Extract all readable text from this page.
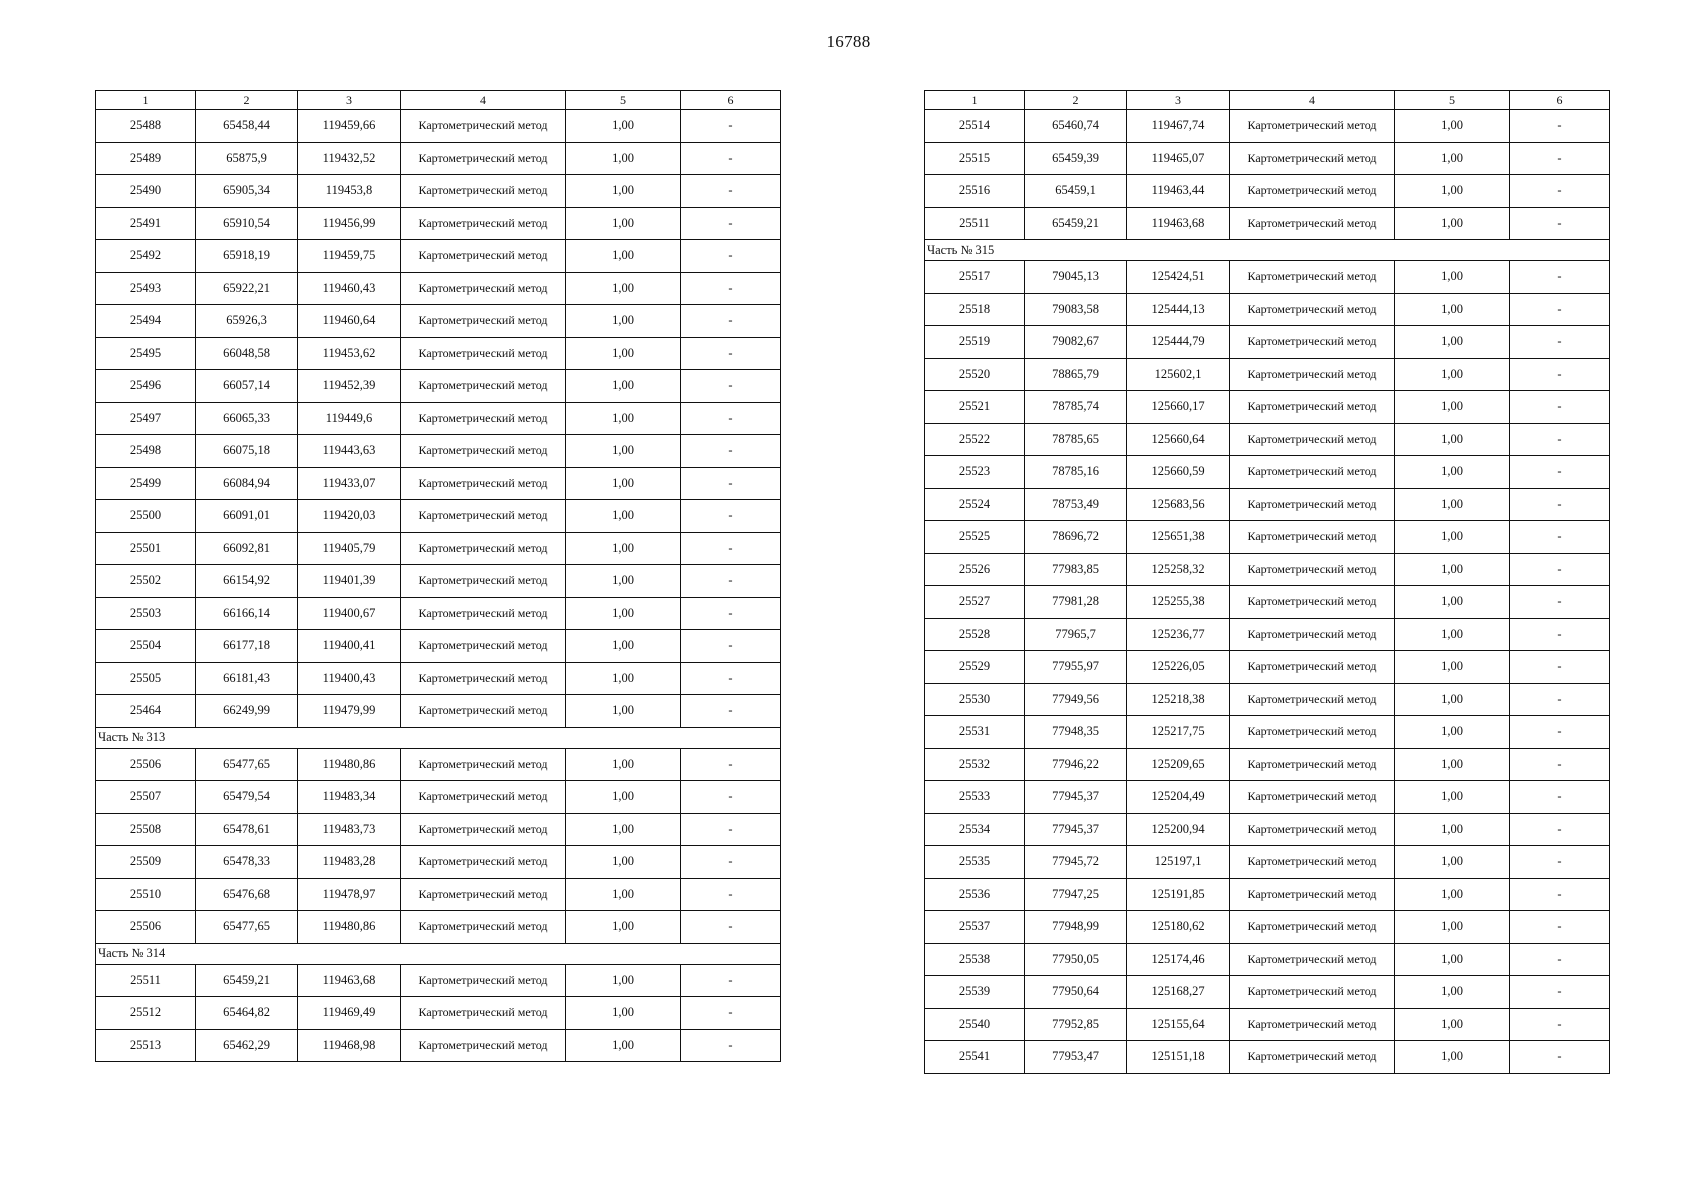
16788
1	2	3	4	5	6
25488	65458,44	119459,66	Картометрический метод	1,00	-
25489	65875,9	119432,52	Картометрический метод	1,00	-
25490	65905,34	119453,8	Картометрический метод	1,00	-
25491	65910,54	119456,99	Картометрический метод	1,00	-
25492	65918,19	119459,75	Картометрический метод	1,00	-
25493	65922,21	119460,43	Картометрический метод	1,00	-
25494	65926,3	119460,64	Картометрический метод	1,00	-
25495	66048,58	119453,62	Картометрический метод	1,00	-
25496	66057,14	119452,39	Картометрический метод	1,00	-
25497	66065,33	119449,6	Картометрический метод	1,00	-
25498	66075,18	119443,63	Картометрический метод	1,00	-
25499	66084,94	119433,07	Картометрический метод	1,00	-
25500	66091,01	119420,03	Картометрический метод	1,00	-
25501	66092,81	119405,79	Картометрический метод	1,00	-
25502	66154,92	119401,39	Картометрический метод	1,00	-
25503	66166,14	119400,67	Картометрический метод	1,00	-
25504	66177,18	119400,41	Картометрический метод	1,00	-
25505	66181,43	119400,43	Картометрический метод	1,00	-
25464	66249,99	119479,99	Картометрический метод	1,00	-
Часть № 313					
25506	65477,65	119480,86	Картометрический метод	1,00	-
25507	65479,54	119483,34	Картометрический метод	1,00	-
25508	65478,61	119483,73	Картометрический метод	1,00	-
25509	65478,33	119483,28	Картометрический метод	1,00	-
25510	65476,68	119478,97	Картометрический метод	1,00	-
25506	65477,65	119480,86	Картометрический метод	1,00	-
Часть № 314					
25511	65459,21	119463,68	Картометрический метод	1,00	-
25512	65464,82	119469,49	Картометрический метод	1,00	-
25513	65462,29	119468,98	Картометрический метод	1,00	-
1	2	3	4	5	6
25514	65460,74	119467,74	Картометрический метод	1,00	-
25515	65459,39	119465,07	Картометрический метод	1,00	-
25516	65459,1	119463,44	Картометрический метод	1,00	-
25511	65459,21	119463,68	Картометрический метод	1,00	-
Часть № 315					
25517	79045,13	125424,51	Картометрический метод	1,00	-
25518	79083,58	125444,13	Картометрический метод	1,00	-
25519	79082,67	125444,79	Картометрический метод	1,00	-
25520	78865,79	125602,1	Картометрический метод	1,00	-
25521	78785,74	125660,17	Картометрический метод	1,00	-
25522	78785,65	125660,64	Картометрический метод	1,00	-
25523	78785,16	125660,59	Картометрический метод	1,00	-
25524	78753,49	125683,56	Картометрический метод	1,00	-
25525	78696,72	125651,38	Картометрический метод	1,00	-
25526	77983,85	125258,32	Картометрический метод	1,00	-
25527	77981,28	125255,38	Картометрический метод	1,00	-
25528	77965,7	125236,77	Картометрический метод	1,00	-
25529	77955,97	125226,05	Картометрический метод	1,00	-
25530	77949,56	125218,38	Картометрический метод	1,00	-
25531	77948,35	125217,75	Картометрический метод	1,00	-
25532	77946,22	125209,65	Картометрический метод	1,00	-
25533	77945,37	125204,49	Картометрический метод	1,00	-
25534	77945,37	125200,94	Картометрический метод	1,00	-
25535	77945,72	125197,1	Картометрический метод	1,00	-
25536	77947,25	125191,85	Картометрический метод	1,00	-
25537	77948,99	125180,62	Картометрический метод	1,00	-
25538	77950,05	125174,46	Картометрический метод	1,00	-
25539	77950,64	125168,27	Картометрический метод	1,00	-
25540	77952,85	125155,64	Картометрический метод	1,00	-
25541	77953,47	125151,18	Картометрический метод	1,00	-
